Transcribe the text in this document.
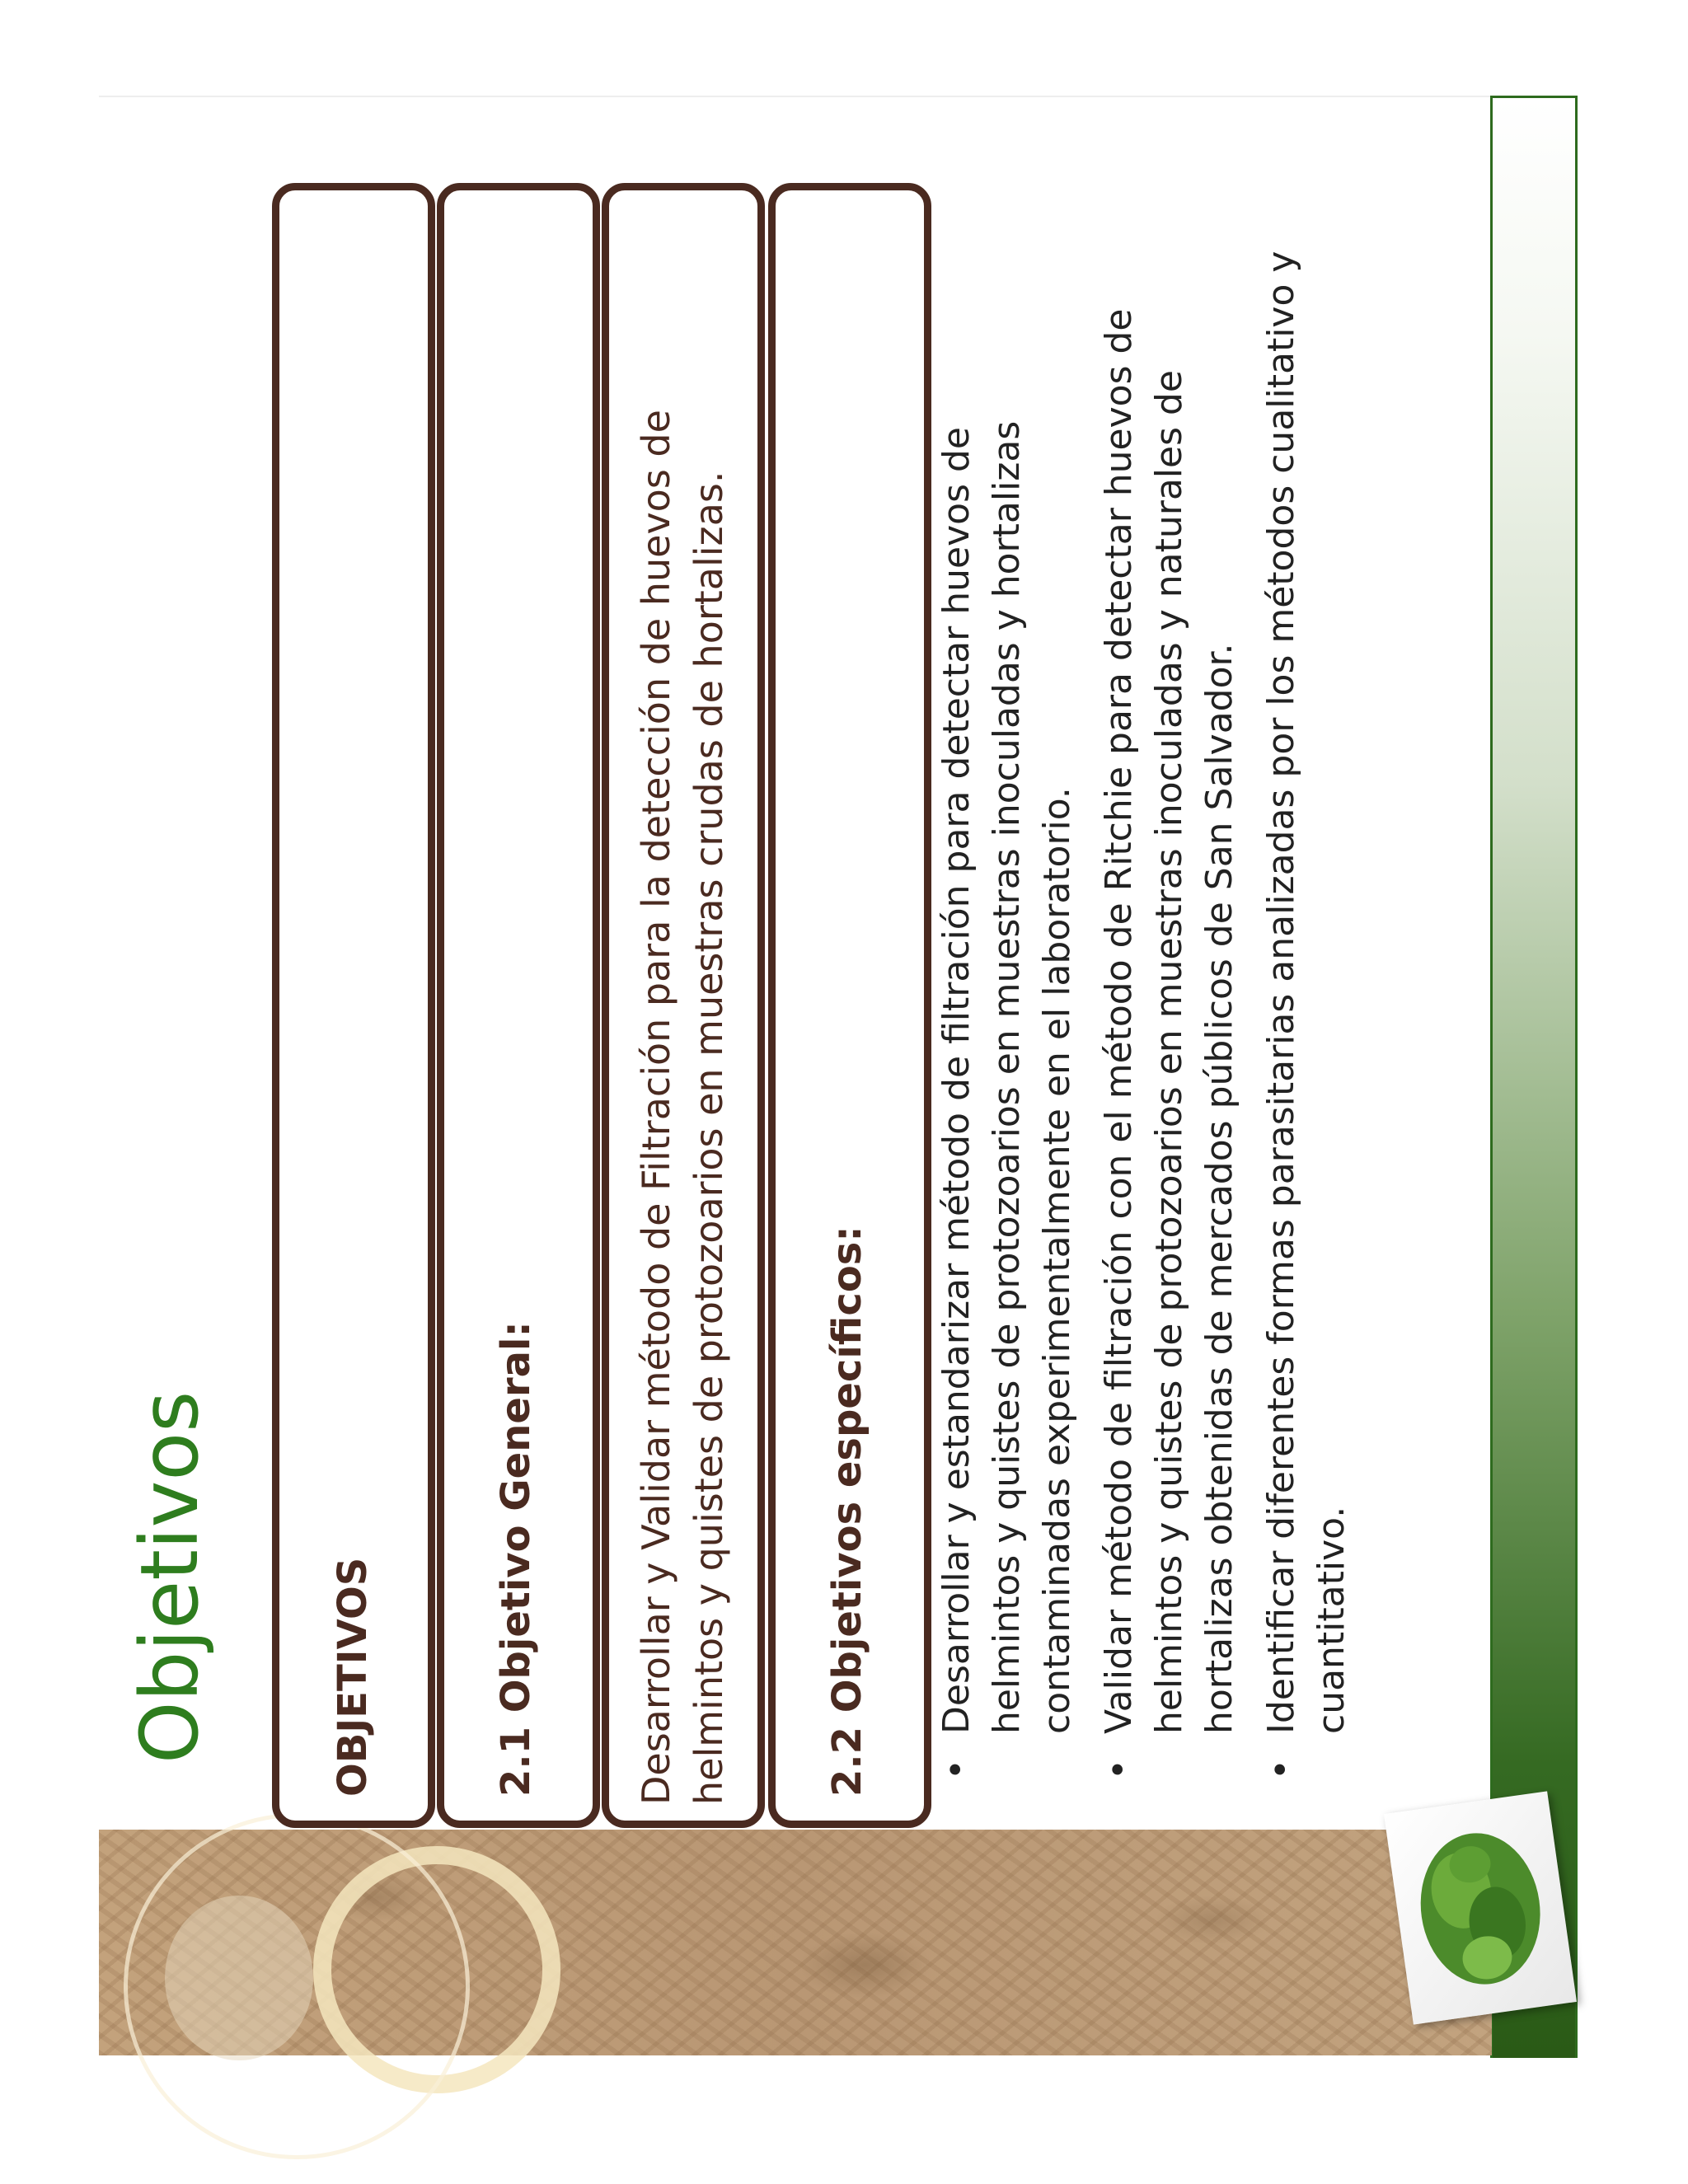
Objetivos	OBJETIVOS	2.1 Objetivo General:	Desarrollar y Validar método de Filtración para la detección de huevos de helmintos y quistes de protozoarios en muestras crudas de hortalizas. 2.2 Objetivos específicos: •
Desarrollar y estandarizar método de filtración para detectar huevos de helmintos y quistes de protozoarios en muestras inoculadas y hortalizas contaminadas experimentalmente en el laboratorio.
•
Validar método de filtración con el método de Ritchie para detectar huevos de helmintos y quistes de protozoarios en muestras inoculadas y naturales de hortalizas obtenidas de mercados públicos de San Salvador.
•
Identificar diferentes formas parasitarias analizadas por los métodos cualitativo y cuantitativo.
